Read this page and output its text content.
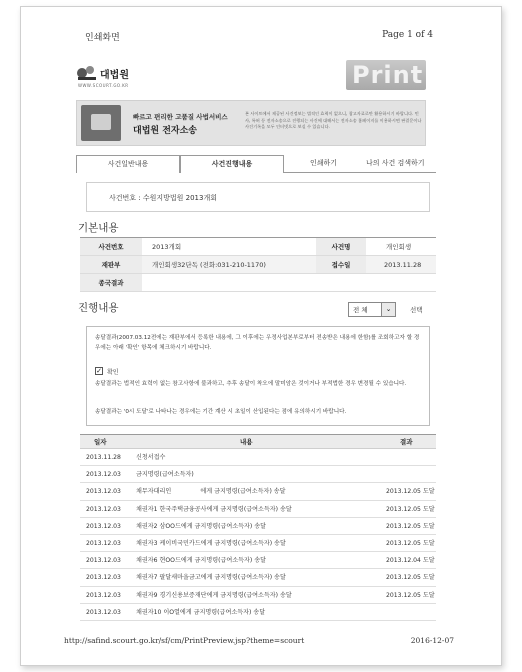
인쇄화면	Page 1 of 4
대법원
WWW.SCOURT.GO.KR	Print
빠르고 편리한 고품질 사법서비스
대법원 전자소송
본 사이트에서 제공된 사건정보는 법적인 효력이 없으니, 참고자료로만 활용하시기 바랍니다. 민사, 특허 등 전자소송으로 진행되는 사건에 대해서는 전자소송 홈페이지를 이용하시면 판결문이나 사건기록을 모두 인터넷으로 보실 수 있습니다.
사건일반내용	사건진행내용	인쇄하기	나의 사건 검색하기
사건번호 : 수원지방법원 2013개회
기본내용
사건번호	2013개회	사건명	개인회생
재판부	개인회생32단독 (전화:031-210-1170)	접수일	2013.11.28
종국결과
진행내용	전 체	⌄	선택

송달결과(2007.03.12전에는 재판부에서 등록한 내용에, 그 이후에는 우정사업본부로부터 전송받은 내용에 한함)를 조회하고자 할 경우에는 아래 '확인' 항목에 체크하시기 바랍니다.

✓ 확인

송달결과는 법적인 효력이 없는 참고사항에 불과하고, 추후 송달이 착오에 말미암은 것이거나 부적법한 경우 변경될 수 있습니다.

송달결과는 '0시 도달'로 나타나는 경우에는 기간 계산 시 초일이 산입된다는 점에 유의하시기 바랍니다.

일자	내용	결과
2013.11.28 신청서접수
2013.12.03 금지명령(급여소득자)
2013.12.03 채무자대리인               에게 금지명령(급여소득자) 송달	2013.12.05 도달
2013.12.03 채권자1 한국주택금융공사에게 금지명령(급여소득자) 송달	2013.12.05 도달
2013.12.03 채권자2 삼OO드에게 금지명령(급여소득자) 송달	2013.12.05 도달
2013.12.03 채권자3 케이비국민카드에게 금지명령(급여소득자) 송달	2013.12.05 도달
2013.12.03 채권자6 현OO드에게 금지명령(급여소득자) 송달	2013.12.04 도달
2013.12.03 채권자7 팔달새마을금고에게 금지명령(급여소득자) 송달	2013.12.05 도달
2013.12.03 채권자9 경기신용보증재단에게 금지명령(급여소득자) 송달	2013.12.05 도달
2013.12.03 채권자10 이O열에게 금지명령(급여소득자) 송달
http://safind.scourt.go.kr/sf/cm/PrintPreview.jsp?theme=scourt	2016-12-07
